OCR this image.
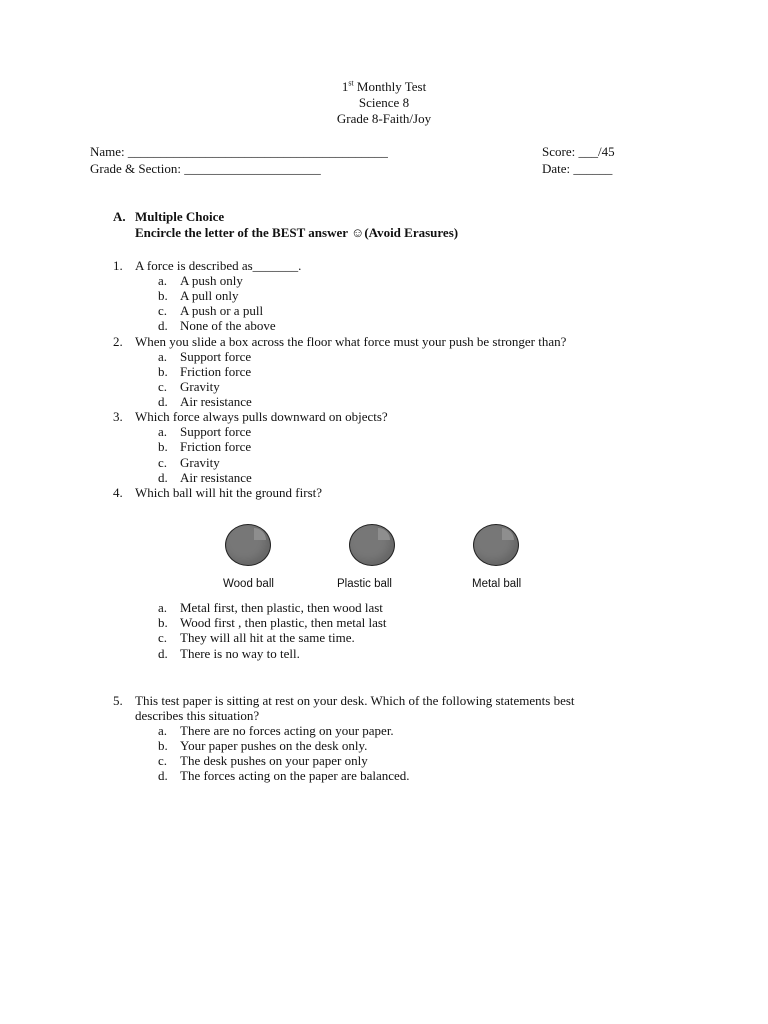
1st Monthly Test
Science 8
Grade 8-Faith/Joy
Name: ________________________________________	Score: ___/45
Grade & Section: _____________________	Date: ______
A. Multiple Choice
Encircle the letter of the BEST answer ☺(Avoid Erasures)
1. A force is described as_______.
a. A push only
b. A pull only
c. A push or a pull
d. None of the above
2. When you slide a box across the floor what force must your push be stronger than?
a. Support force
b. Friction force
c. Gravity
d. Air resistance
3. Which force always pulls downward on objects?
a. Support force
b. Friction force
c. Gravity
d. Air resistance
4. Which ball will hit the ground first?
Wood ball	Plastic ball	Metal ball
a. Metal first, then plastic, then wood last
b. Wood first , then plastic, then metal last
c. They will all hit at the same time.
d. There is no way to tell.
5. This test paper is sitting at rest on your desk. Which of the following statements best
describes this situation?
a. There are no forces acting on your paper.
b. Your paper pushes on the desk only.
c. The desk pushes on your paper only
d. The forces acting on the paper are balanced.
